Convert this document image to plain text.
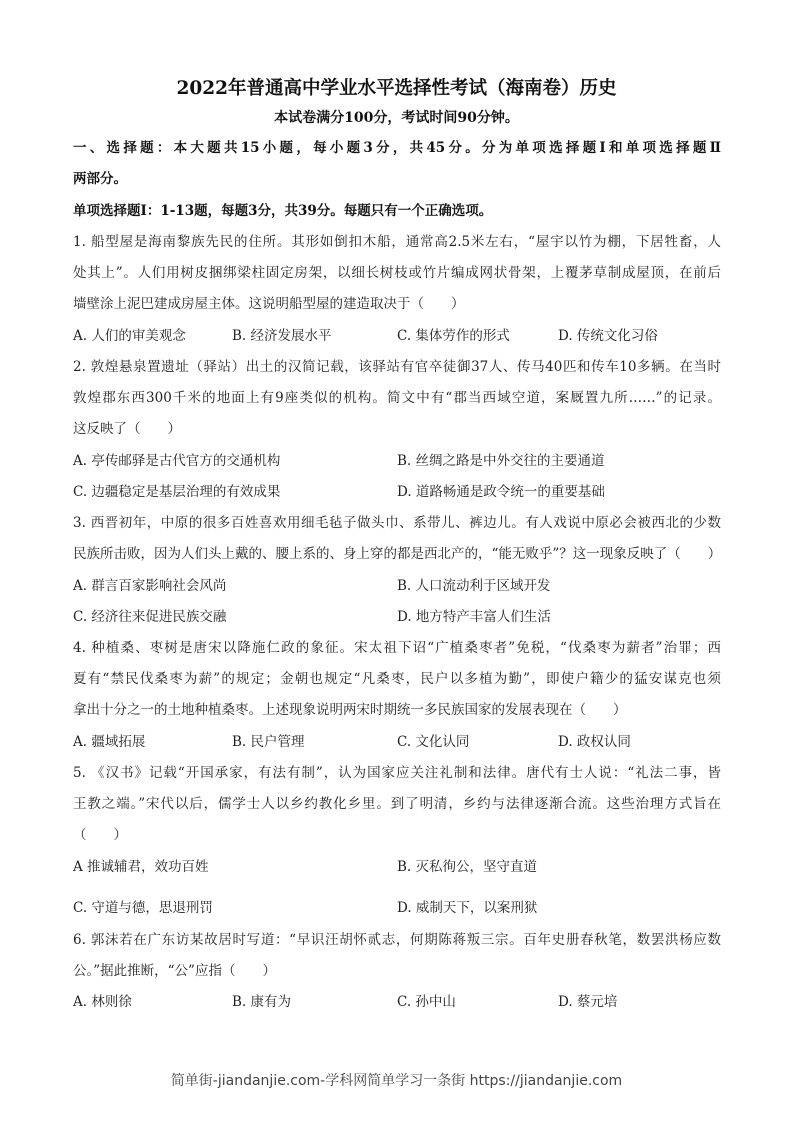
2022年普通高中学业水平选择性考试（海南卷）历史
本试卷满分100分，考试时间90分钟。
一、选择题：本大题共15小题，每小题3分，共45分。分为单项选择题Ⅰ和单项选择题Ⅱ
两部分。
单项选择题Ⅰ：1-13题，每题3分，共39分。每题只有一个正确选项。
1. 船型屋是海南黎族先民的住所。其形如倒扣木船，通常高2.5米左右，“屋宇以竹为棚，下居牲畜，人
处其上”。人们用树皮捆绑梁柱固定房架，以细长树枝或竹片编成网状骨架，上覆茅草制成屋顶，在前后
墙壁涂上泥巴建成房屋主体。这说明船型屋的建造取决于（　　）
A. 人们的审美观念	B. 经济发展水平	C. 集体劳作的形式	D. 传统文化习俗
2. 敦煌悬泉置遗址（驿站）出土的汉简记载，该驿站有官卒徒御37人、传马40匹和传车10多辆。在当时
敦煌郡东西300千米的地面上有9座类似的机构。简文中有“郡当西域空道，案厩置九所……”的记录。
这反映了（　　）
A. 亭传邮驿是古代官方的交通机构	B. 丝绸之路是中外交往的主要通道
C. 边疆稳定是基层治理的有效成果	D. 道路畅通是政令统一的重要基础
3. 西晋初年，中原的很多百姓喜欢用细毛毡子做头巾、系带儿、裤边儿。有人戏说中原必会被西北的少数
民族所击败，因为人们头上戴的、腰上系的、身上穿的都是西北产的，“能无败乎”？这一现象反映了（　　）
A. 群言百家影响社会风尚	B. 人口流动利于区域开发
C. 经济往来促进民族交融	D. 地方特产丰富人们生活
4. 种植桑、枣树是唐宋以降施仁政的象征。宋太祖下诏“广植桑枣者”免税，“伐桑枣为薪者”治罪；西
夏有“禁民伐桑枣为薪”的规定；金朝也规定“凡桑枣，民户以多植为勤”，即使户籍少的猛安谋克也须
拿出十分之一的土地种植桑枣。上述现象说明两宋时期统一多民族国家的发展表现在（　　）
A. 疆域拓展	B. 民户管理	C. 文化认同	D. 政权认同
5. 《汉书》记载“开国承家，有法有制”，认为国家应关注礼制和法律。唐代有士人说：“礼法二事，皆
王教之端。”宋代以后，儒学士人以乡约教化乡里。到了明清，乡约与法律逐渐合流。这些治理方式旨在
（　　）
A 推诚辅君，效功百姓	B. 灭私徇公，坚守直道
C. 守道与德，思退刑罚	D. 威制天下，以案刑狱
6. 郭沫若在广东访某故居时写道：“早识汪胡怀贰志，何期陈蒋叛三宗。百年史册春秋笔，数罢洪杨应数
公。”据此推断，“公”应指（　　）
A. 林则徐	B. 康有为	C. 孙中山	D. 蔡元培
简单街-jiandanjie.com-学科网简单学习一条街 https://jiandanjie.com
